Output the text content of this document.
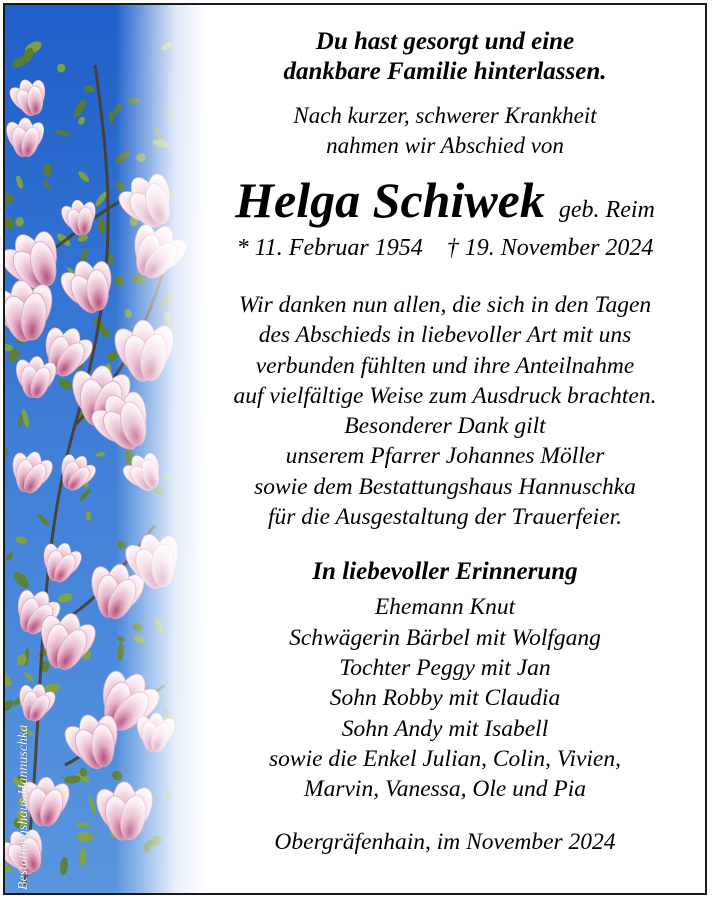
Bestattungshaus Hannuschka
Du hast gesorgt und eine
dankbare Familie hinterlassen.
Nach kurzer, schwerer Krankheit
nahmen wir Abschied von
Helga Schiwek geb. Reim
* 11. Februar 1954 † 19. November 2024
Wir danken nun allen, die sich in den Tagen
des Abschieds in liebevoller Art mit uns
verbunden fühlten und ihre Anteilnahme
auf vielfältige Weise zum Ausdruck brachten.
Besonderer Dank gilt
unserem Pfarrer Johannes Möller
sowie dem Bestattungshaus Hannuschka
für die Ausgestaltung der Trauerfeier.
In liebevoller Erinnerung
Ehemann Knut
Schwägerin Bärbel mit Wolfgang
Tochter Peggy mit Jan
Sohn Robby mit Claudia
Sohn Andy mit Isabell
sowie die Enkel Julian, Colin, Vivien,
Marvin, Vanessa, Ole und Pia
Obergräfenhain, im November 2024
